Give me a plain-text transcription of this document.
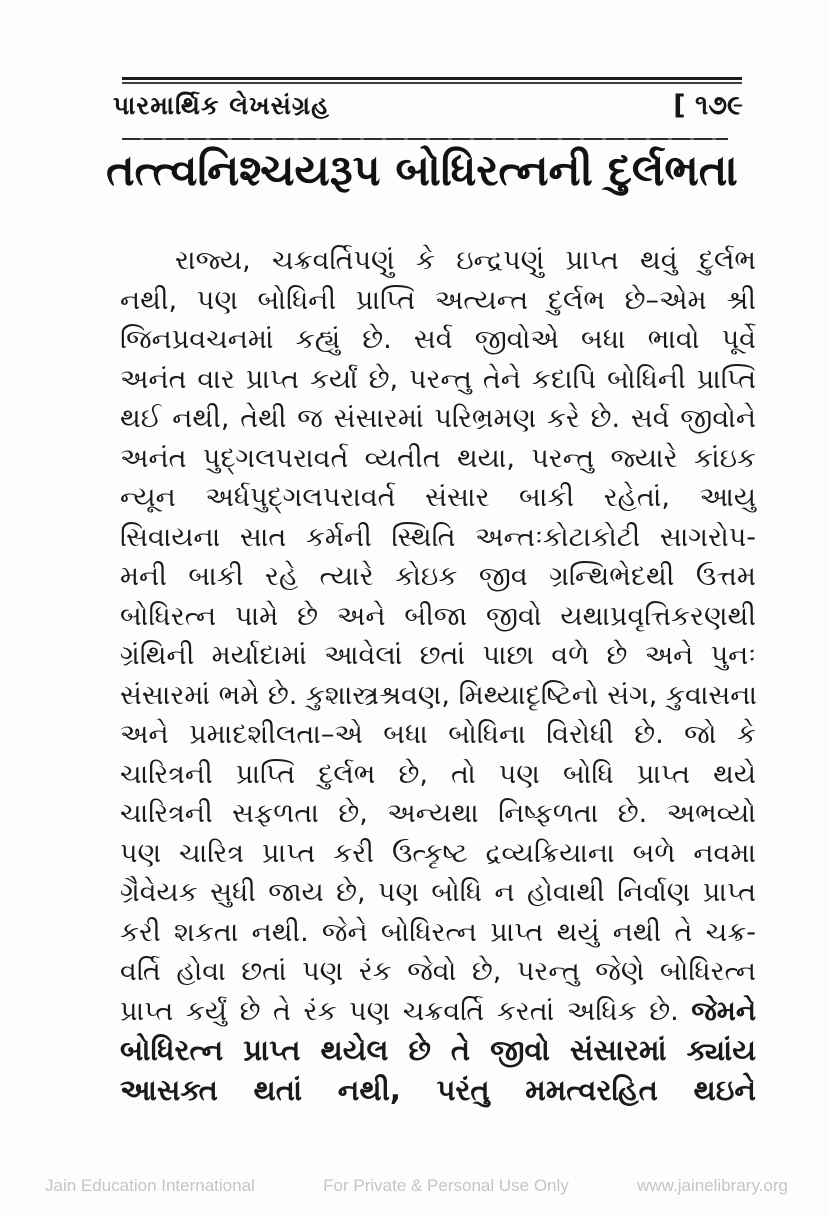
પારમાર્થિક લેખસંગ્રહ	[ ૧૭૯
તત્ત્વનિશ્ચયરૂપ બોધિરત્નની દુર્લભતા
રાજ્ય, ચક્રવર્તિપણું કે ઇન્દ્રપણું પ્રાપ્ત થવું દુર્લભ
નથી, પણ બોધિની પ્રાપ્તિ અત્યન્ત દુર્લભ છે–એમ શ્રી
જિનપ્રવચનમાં કહ્યું છે. સર્વ જીવોએ બધા ભાવો પૂર્વે
અનંત વાર પ્રાપ્ત કર્યાં છે, પરન્તુ તેને કદાપિ બોધિની પ્રાપ્તિ
થઈ નથી, તેથી જ સંસારમાં પરિભ્રમણ કરે છે. સર્વ જીવોને
અનંત પુદ્ગલપરાવર્ત વ્યતીત થયા, પરન્તુ જ્યારે કાંઇક
ન્યૂન અર્ધપુદ્ગલપરાવર્ત સંસાર બાકી રહેતાં, આયુ
સિવાયના સાત કર્મની સ્થિતિ અન્તઃકોટાકોટી સાગરોપ-
મની બાકી રહે ત્યારે કોઇક જીવ ગ્રન્થિભેદથી ઉત્તમ
બોધિરત્ન પામે છે અને બીજા જીવો યથાપ્રવૃત્તિકરણથી
ગ્રંથિની મર્યાદામાં આવેલાં છતાં પાછા વળે છે અને પુનઃ
સંસારમાં ભમે છે. કુશાસ્ત્રશ્રવણ, મિથ્યાદૃષ્ટિનો સંગ, કુવાસના
અને પ્રમાદશીલતા–એ બધા બોધિના વિરોધી છે. જો કે
ચારિત્રની પ્રાપ્તિ દુર્લભ છે, તો પણ બોધિ પ્રાપ્ત થયે
ચારિત્રની સફળતા છે, અન્યથા નિષ્ફળતા છે. અભવ્યો
પણ ચારિત્ર પ્રાપ્ત કરી ઉત્કૃષ્ટ દ્રવ્યક્રિયાના બળે નવમા
ગ્રૈવેયક સુધી જાય છે, પણ બોધિ ન હોવાથી નિર્વાણ પ્રાપ્ત
કરી શકતા નથી. જેને બોધિરત્ન પ્રાપ્ત થયું નથી તે ચક્ર-
વર્તિ હોવા છતાં પણ રંક જેવો છે, પરન્તુ જેણે બોધિરત્ન
પ્રાપ્ત કર્યું છે તે રંક પણ ચક્રવર્તિ કરતાં અધિક છે. જેમને
બોધિરત્ન પ્રાપ્ત થયેલ છે તે જીવો સંસારમાં ક્યાંય
આસક્ત થતાં નથી, પરંતુ મમત્વરહિત થઇને
Jain Education International	For Private & Personal Use Only	www.jainelibrary.org
